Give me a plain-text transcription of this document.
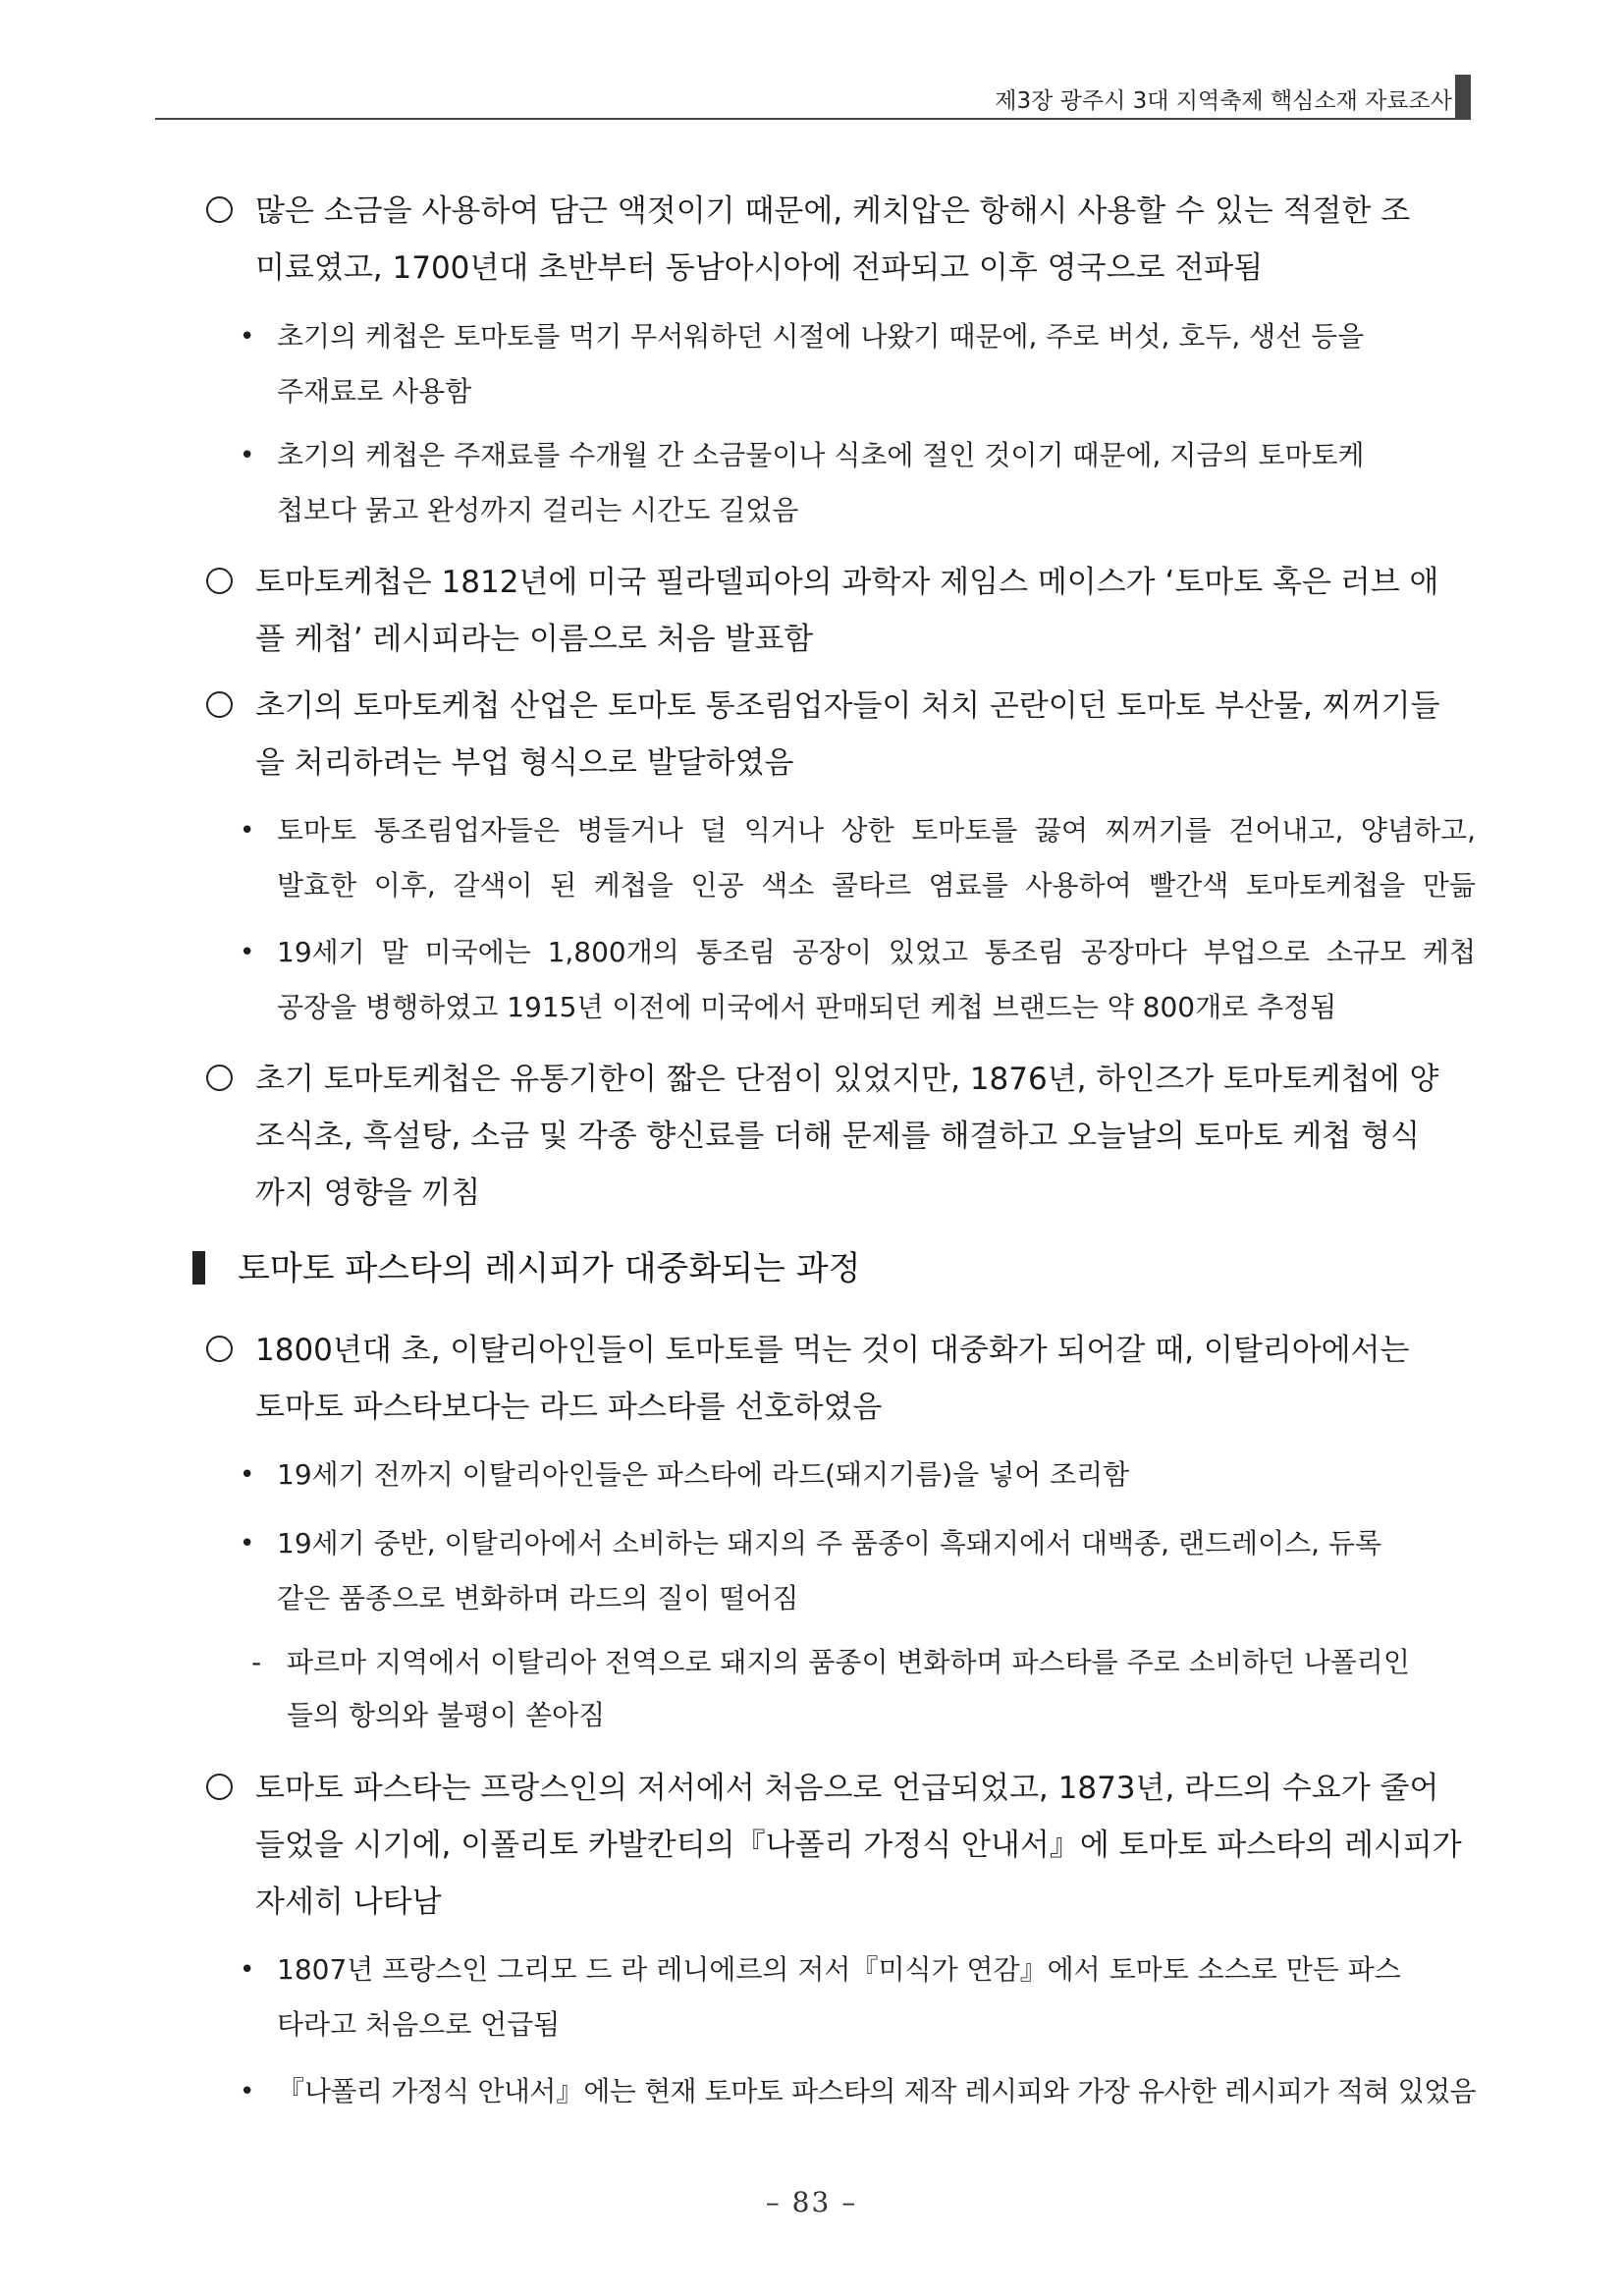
제3장 광주시 3대 지역축제 핵심소재 자료조사
많은 소금을 사용하여 담근 액젓이기 때문에, 케치압은 항해시 사용할 수 있는 적절한 조
미료였고, 1700년대 초반부터 동남아시아에 전파되고 이후 영국으로 전파됨
• 초기의 케첩은 토마토를 먹기 무서워하던 시절에 나왔기 때문에, 주로 버섯, 호두, 생선 등을
주재료로 사용함
• 초기의 케첩은 주재료를 수개월 간 소금물이나 식초에 절인 것이기 때문에, 지금의 토마토케
첩보다 묽고 완성까지 걸리는 시간도 길었음
토마토케첩은 1812년에 미국 필라델피아의 과학자 제임스 메이스가 ‘토마토 혹은 러브 애
플 케첩’ 레시피라는 이름으로 처음 발표함
초기의 토마토케첩 산업은 토마토 통조림업자들이 처치 곤란이던 토마토 부산물, 찌꺼기들
을 처리하려는 부업 형식으로 발달하였음
• 토마토 통조림업자들은 병들거나 덜 익거나 상한 토마토를 끓여 찌꺼기를 걷어내고, 양념하고,
발효한 이후, 갈색이 된 케첩을 인공 색소 콜타르 염료를 사용하여 빨간색 토마토케첩을 만듦
• 19세기 말 미국에는 1,800개의 통조림 공장이 있었고 통조림 공장마다 부업으로 소규모 케첩
공장을 병행하였고 1915년 이전에 미국에서 판매되던 케첩 브랜드는 약 800개로 추정됨
초기 토마토케첩은 유통기한이 짧은 단점이 있었지만, 1876년, 하인즈가 토마토케첩에 양
조식초, 흑설탕, 소금 및 각종 향신료를 더해 문제를 해결하고 오늘날의 토마토 케첩 형식
까지 영향을 끼침
토마토 파스타의 레시피가 대중화되는 과정
1800년대 초, 이탈리아인들이 토마토를 먹는 것이 대중화가 되어갈 때, 이탈리아에서는
토마토 파스타보다는 라드 파스타를 선호하였음
• 19세기 전까지 이탈리아인들은 파스타에 라드(돼지기름)을 넣어 조리함
• 19세기 중반, 이탈리아에서 소비하는 돼지의 주 품종이 흑돼지에서 대백종, 랜드레이스, 듀록
같은 품종으로 변화하며 라드의 질이 떨어짐
- 파르마 지역에서 이탈리아 전역으로 돼지의 품종이 변화하며 파스타를 주로 소비하던 나폴리인
들의 항의와 불평이 쏟아짐
토마토 파스타는 프랑스인의 저서에서 처음으로 언급되었고, 1873년, 라드의 수요가 줄어
들었을 시기에, 이폴리토 카발칸티의『나폴리 가정식 안내서』에 토마토 파스타의 레시피가
자세히 나타남
• 1807년 프랑스인 그리모 드 라 레니에르의 저서『미식가 연감』에서 토마토 소스로 만든 파스
타라고 처음으로 언급됨
• 『나폴리 가정식 안내서』에는 현재 토마토 파스타의 제작 레시피와 가장 유사한 레시피가 적혀 있었음
– 83 –
